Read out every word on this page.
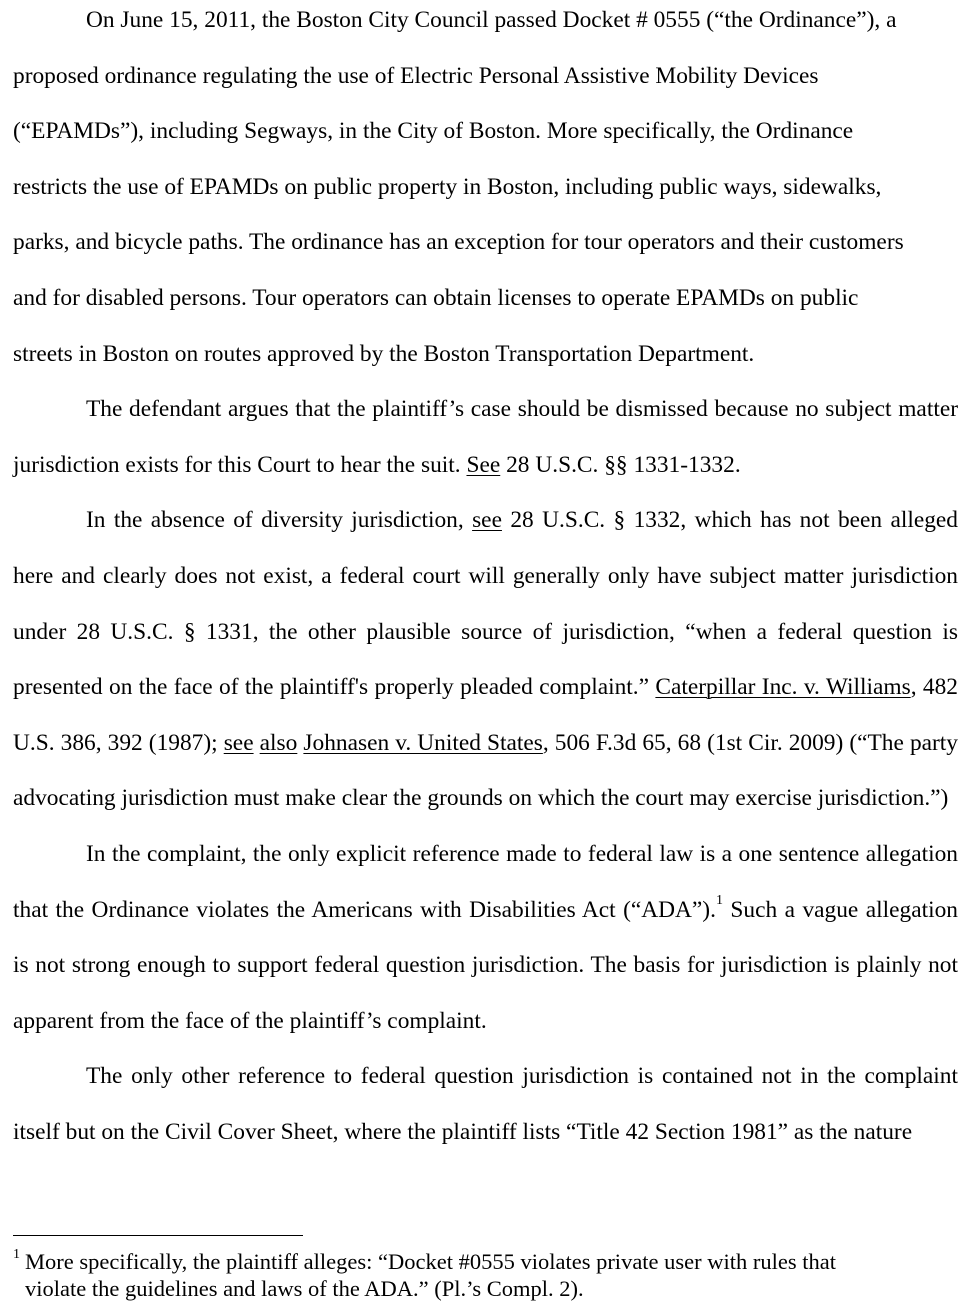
On June 15, 2011, the Boston City Council passed Docket # 0555 (“the Ordinance”), a
proposed ordinance regulating the use of Electric Personal Assistive Mobility Devices
(“EPAMDs”), including Segways, in the City of Boston. More specifically, the Ordinance
restricts the use of EPAMDs on public property in Boston, including public ways, sidewalks,
parks, and bicycle paths. The ordinance has an exception for tour operators and their customers
and for disabled persons. Tour operators can obtain licenses to operate EPAMDs on public
streets in Boston on routes approved by the Boston Transportation Department.

The defendant argues that the plaintiff’s case should be dismissed because no subject matter jurisdiction exists for this Court to hear the suit. See 28 U.S.C. §§ 1331-1332.

In the absence of diversity jurisdiction, see 28 U.S.C. § 1332, which has not been alleged here and clearly does not exist, a federal court will generally only have subject matter jurisdiction under 28 U.S.C. § 1331, the other plausible source of jurisdiction, “when a federal question is presented on the face of the plaintiff's properly pleaded complaint.” Caterpillar Inc. v. Williams, 482 U.S. 386, 392 (1987); see also Johnasen v. United States, 506 F.3d 65, 68 (1st Cir. 2009) (“The party advocating jurisdiction must make clear the grounds on which the court may exercise jurisdiction.”)

In the complaint, the only explicit reference made to federal law is a one sentence allegation that the Ordinance violates the Americans with Disabilities Act (“ADA”).$^1$ Such a vague allegation is not strong enough to support federal question jurisdiction. The basis for jurisdiction is plainly not apparent from the face of the plaintiff’s complaint.

The only other reference to federal question jurisdiction is contained not in the complaint itself but on the Civil Cover Sheet, where the plaintiff lists “Title 42 Section 1981” as the nature

$^1$ More specifically, the plaintiff alleges: “Docket #0555 violates private user with rules that
violate the guidelines and laws of the ADA.” (Pl.’s Compl. 2).
